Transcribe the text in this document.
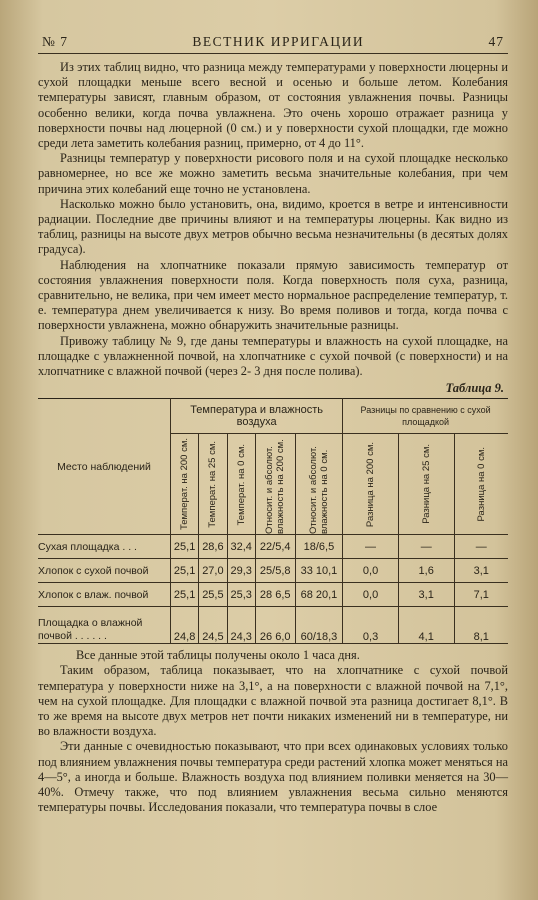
№ 7	ВЕСТНИК ИРРИГАЦИИ	47

Из этих таблиц видно, что разница между температурами у поверхности люцерны и сухой площадки меньше всего весной и осенью и больше летом. Колебания температуры зависят, главным образом, от состояния увлажнения почвы. Разницы особенно велики, когда почва увлажнена. Это очень хорошо отражает разница у поверхности почвы над люцерной (0 см.) и у поверхности сухой площадки, где можно среди лета заметить колебания разниц, примерно, от 4 до 11°.

Разницы температур у поверхности рисового поля и на сухой площадке несколько равномернее, но все же можно заметить весьма значительные колебания, при чем причина этих колебаний еще точно не установлена.

Насколько можно было установить, она, видимо, кроется в ветре и интенсивности радиации. Последние две причины влияют и на температуры люцерны. Как видно из таблиц, разницы на высоте двух метров обычно весьма незначительны (в десятых долях градуса).

Наблюдения на хлопчатнике показали прямую зависимость температур от состояния увлажнения поверхности поля. Когда поверхность поля суха, разница, сравнительно, не велика, при чем имеет место нормальное распределение температур, т. е. температура днем увеличивается к низу. Во время поливов и тогда, когда почва с поверхности увлажнена, можно обнаружить значительные разницы.

Привожу таблицу № 9, где даны температуры и влажность на сухой площадке, на площадке с увлажненной почвой, на хлопчатнике с сухой почвой (с поверхности) и на хлопчатнике с влажной почвой (через 2- 3 дня после полива).

Таблица 9.
Место наблюдений	Температура и влажность воздуха					Разницы по сравнению с сухой площадкой		

	Температ. на 200 см.	Температ. на 25 см.	Температ. на 0 см.	Относит. и абсолют. влажность на 200 см.	Относит. и абсолют. влажность на 0 см.	Разница на 200 см.	Разница на 25 см.	Разница на 0 см.

Сухая площадка . . .	25,1	28,6	32,4	22/5,4	18/6,5	—	—	—
Хлопок с сухой почвой	25,1	27,0	29,3	25/5,8	33 10,1	0,0	1,6	3,1
Хлопок с влаж. почвой	25,1	25,5	25,3	28 6,5	68 20,1	0,0	3,1	7,1

Площадка о влажной
почвой . . . . . .	24,8	24,5	24,3	26 6,0	60/18,3	0,3	4,1	8,1

Все данные этой таблицы получены около 1 часа дня.

Таким образом, таблица показывает, что на хлопчатнике с сухой почвой температура у поверхности ниже на 3,1°, а на поверхности с влажной почвой на 7,1°, чем на сухой площадке. Для площадки с влажной почвой эта разница достигает 8,1°. В то же время на высоте двух метров нет почти никаких изменений ни в температуре, ни во влажности воздуха.

Эти данные с очевидностью показывают, что при всех одинаковых условиях только под влиянием увлажнения почвы температура среди растений хлопка может меняться на 4—5°, а иногда и больше. Влажность воздуха под влиянием поливки меняется на 30—40%. Отмечу также, что под влиянием увлажнения весьма сильно меняются температуры почвы. Исследования показали, что температура почвы в слое
